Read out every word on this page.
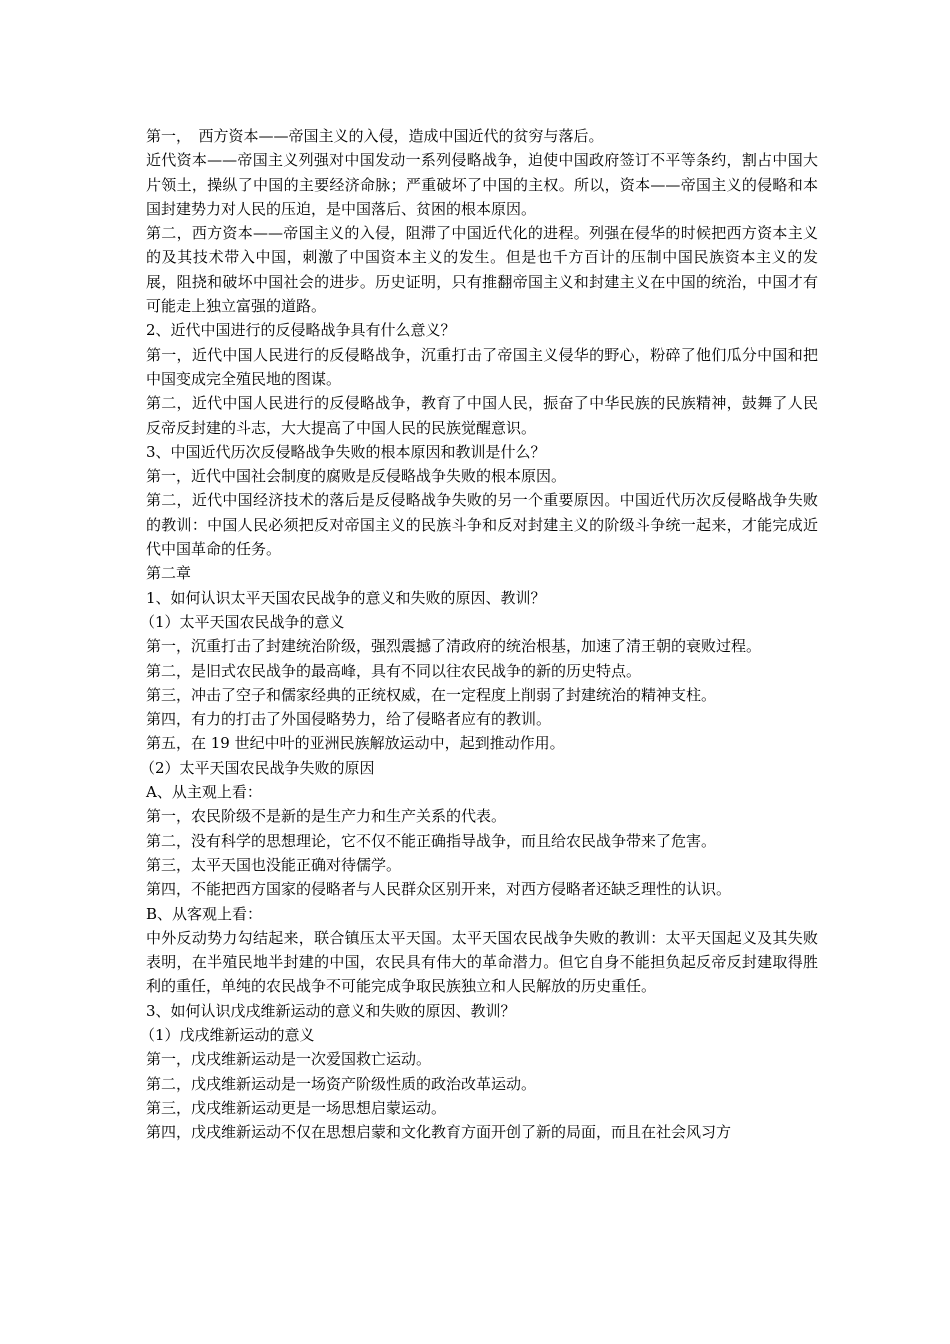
第一，　西方资本——帝国主义的入侵，造成中国近代的贫穷与落后。

近代资本——帝国主义列强对中国发动一系列侵略战争，迫使中国政府签订不平等条约，割占中国大片领土，操纵了中国的主要经济命脉；严重破坏了中国的主权。所以，资本——帝国主义的侵略和本国封建势力对人民的压迫，是中国落后、贫困的根本原因。

第二，西方资本——帝国主义的入侵，阻滞了中国近代化的进程。列强在侵华的时候把西方资本主义的及其技术带入中国，刺激了中国资本主义的发生。但是也千方百计的压制中国民族资本主义的发展，阻挠和破坏中国社会的进步。历史证明，只有推翻帝国主义和封建主义在中国的统治，中国才有可能走上独立富强的道路。

2、近代中国进行的反侵略战争具有什么意义？

第一，近代中国人民进行的反侵略战争，沉重打击了帝国主义侵华的野心，粉碎了他们瓜分中国和把中国变成完全殖民地的图谋。

第二，近代中国人民进行的反侵略战争，教育了中国人民，振奋了中华民族的民族精神，鼓舞了人民反帝反封建的斗志，大大提高了中国人民的民族觉醒意识。

3、中国近代历次反侵略战争失败的根本原因和教训是什么？

第一，近代中国社会制度的腐败是反侵略战争失败的根本原因。

第二，近代中国经济技术的落后是反侵略战争失败的另一个重要原因。中国近代历次反侵略战争失败的教训：中国人民必须把反对帝国主义的民族斗争和反对封建主义的阶级斗争统一起来，才能完成近代中国革命的任务。

第二章

1、如何认识太平天国农民战争的意义和失败的原因、教训？

（1）太平天国农民战争的意义

第一，沉重打击了封建统治阶级，强烈震撼了清政府的统治根基，加速了清王朝的衰败过程。

第二，是旧式农民战争的最高峰，具有不同以往农民战争的新的历史特点。

第三，冲击了空子和儒家经典的正统权威，在一定程度上削弱了封建统治的精神支柱。

第四，有力的打击了外国侵略势力，给了侵略者应有的教训。

第五，在 19 世纪中叶的亚洲民族解放运动中，起到推动作用。

（2）太平天国农民战争失败的原因

A、从主观上看：

第一，农民阶级不是新的是生产力和生产关系的代表。

第二，没有科学的思想理论，它不仅不能正确指导战争，而且给农民战争带来了危害。

第三，太平天国也没能正确对待儒学。

第四，不能把西方国家的侵略者与人民群众区别开来，对西方侵略者还缺乏理性的认识。

B、从客观上看：

中外反动势力勾结起来，联合镇压太平天国。太平天国农民战争失败的教训：太平天国起义及其失败表明，在半殖民地半封建的中国，农民具有伟大的革命潜力。但它自身不能担负起反帝反封建取得胜利的重任，单纯的农民战争不可能完成争取民族独立和人民解放的历史重任。

3、如何认识戊戌维新运动的意义和失败的原因、教训？

（1）戊戌维新运动的意义

第一，戊戌维新运动是一次爱国救亡运动。

第二，戊戌维新运动是一场资产阶级性质的政治改革运动。

第三，戊戌维新运动更是一场思想启蒙运动。

第四，戊戌维新运动不仅在思想启蒙和文化教育方面开创了新的局面，而且在社会风习方
